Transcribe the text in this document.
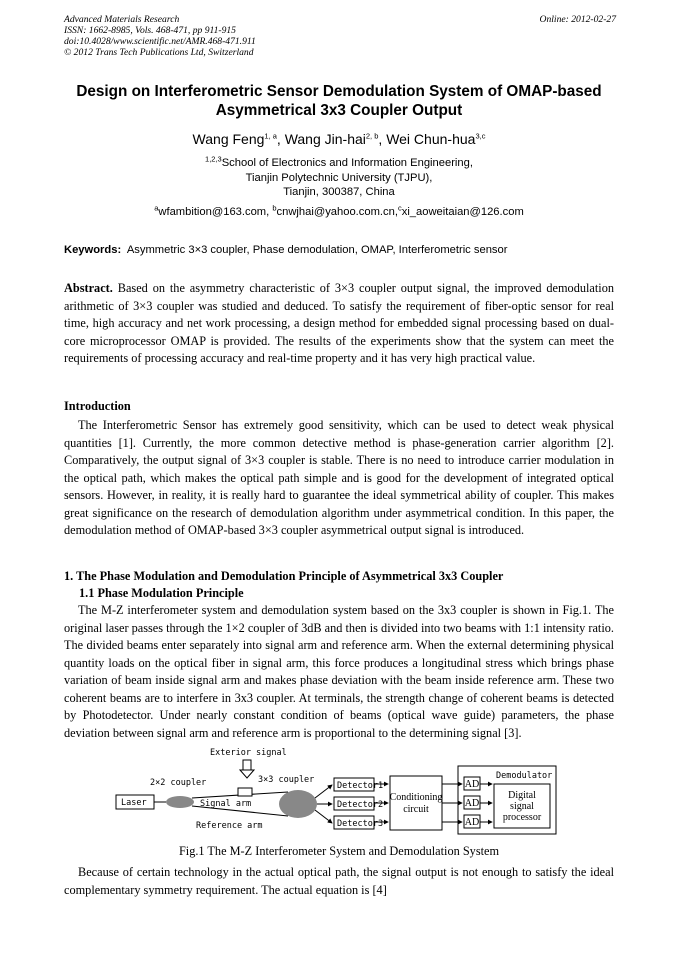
Advanced Materials Research
ISSN: 1662-8985, Vols. 468-471, pp 911-915
doi:10.4028/www.scientific.net/AMR.468-471.911
© 2012 Trans Tech Publications Ltd, Switzerland
Online: 2012-02-27
Design on Interferometric Sensor Demodulation System of OMAP-based
Asymmetrical 3x3 Coupler Output
Wang Feng$^{1, a}$, Wang Jin-hai$^{2, b}$, Wei Chun-hua$^{3,c}$
$^{1,2,3}$School of Electronics and Information Engineering,
Tianjin Polytechnic University (TJPU),
Tianjin, 300387, China
$^a$wfambition@163.com, $^b$cnwjhai@yahoo.com.cn,$^c$xi_aoweitaian@126.com
Keywords: Asymmetric 3×3 coupler, Phase demodulation, OMAP, Interferometric sensor
Abstract. Based on the asymmetry characteristic of 3×3 coupler output signal, the improved demodulation arithmetic of 3×3 coupler was studied and deduced. To satisfy the requirement of fiber-optic sensor for real time, high accuracy and net work processing, a design method for embedded signal processing based on dual-core microprocessor OMAP is provided. The results of the experiments show that the system can meet the requirements of processing accuracy and real-time property and it has very high practical value.
Introduction
The Interferometric Sensor has extremely good sensitivity, which can be used to detect weak physical quantities [1]. Currently, the more common detective method is phase-generation carrier algorithm [2]. Comparatively, the output signal of 3×3 coupler is stable. There is no need to introduce carrier modulation in the optical path, which makes the optical path simple and is good for the development of integrated optical sensors. However, in reality, it is really hard to guarantee the ideal symmetrical ability of coupler. This makes great significance on the research of demodulation algorithm under asymmetrical condition. In this paper, the demodulation method of OMAP-based 3×3 coupler asymmetrical output signal is introduced.
1. The Phase Modulation and Demodulation Principle of Asymmetrical 3x3 Coupler
1.1 Phase Modulation Principle
The M-Z interferometer system and demodulation system based on the 3x3 coupler is shown in Fig.1. The original laser passes through the 1×2 coupler of 3dB and then is divided into two beams with 1:1 intensity ratio. The divided beams enter separately into signal arm and reference arm. When the external determining physical quantity loads on the optical fiber in signal arm, this force produces a longitudinal stress which brings phase variation of beam inside signal arm and makes phase deviation with the beam inside reference arm. These two coherent beams are to interfere in 3x3 coupler. At terminals, the strength change of coherent beams is detected by Photodetector. Under nearly constant condition of beams (optical wave guide) parameters, the phase deviation between signal arm and reference arm is proportional to the determining signal [3].
Exterior signal
Laser
2×2 coupler
Signal arm
Reference arm
3×3 coupler
Detector1
Detector2
Detector3
Conditioning
circuit
Demodulator
AD
AD
AD
Digital
signal
processor
Fig.1 The M-Z Interferometer System and Demodulation System
Because of certain technology in the actual optical path, the signal output is not enough to satisfy the ideal complementary symmetry requirement. The actual equation is [4]
